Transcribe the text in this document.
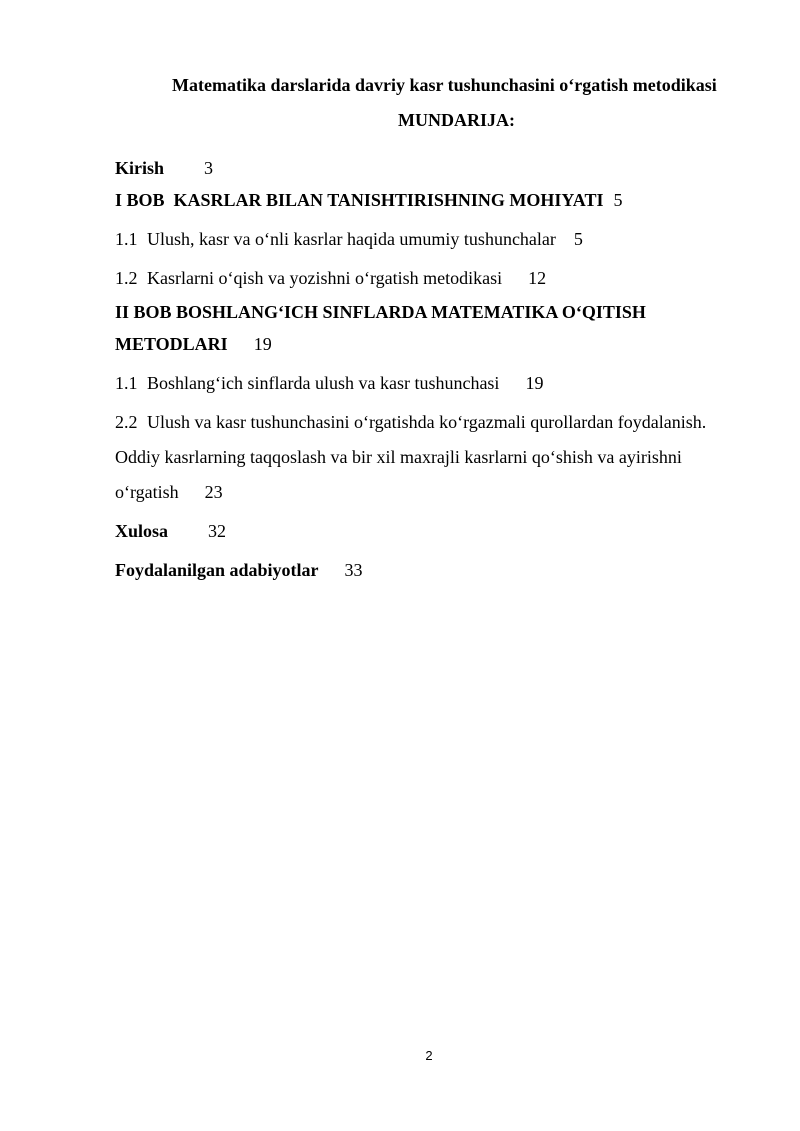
Matematika darslarida davriy kasr tushunchasini o‘rgatish metodikasi
MUNDARIJA:
Kirish 3
I BOB  KASRLAR BILAN TANISHTIRISHNING MOHIYATI 5
1.1 Ulush, kasr va o‘nli kasrlar haqida umumiy tushunchalar 5
1.2 Kasrlarni o‘qish va yozishni o‘rgatish metodikasi 12
II BOB BOSHLANG‘ICH SINFLARDA MATEMATIKA O‘QITISH
METODLARI 19
1.1 Boshlang‘ich sinflarda ulush va kasr tushunchasi 19
2.2 Ulush va kasr tushunchasini o‘rgatishda ko‘rgazmali qurollardan foydalanish.
Oddiy kasrlarning taqqoslash va bir xil maxrajli kasrlarni qo‘shish va ayirishni
o‘rgatish 23
Xulosa 32
Foydalanilgan adabiyotlar 33
2
